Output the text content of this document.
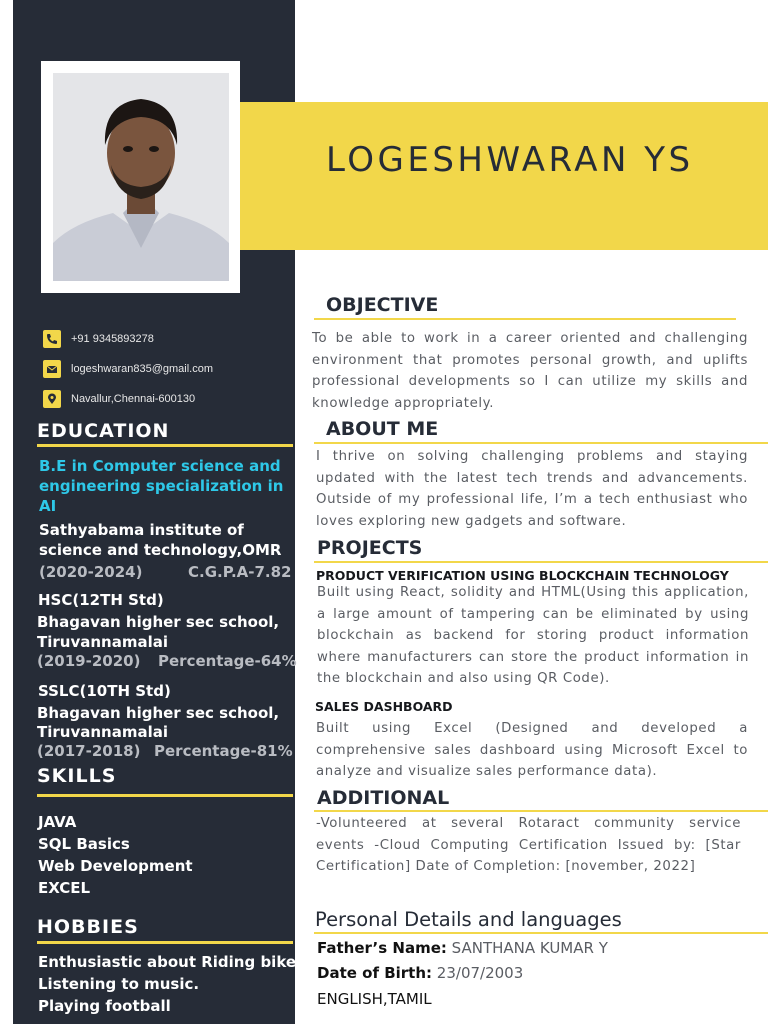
LOGESHWARAN YS
+91 9345893278
logeshwaran835@gmail.com
Navallur,Chennai-600130
EDUCATION
B.E in Computer science and
engineering specialization in
AI
Sathyabama institute of
science and technology,OMR
(2020-2024)	C.G.P.A-7.82
HSC(12TH Std)
Bhagavan higher sec school,
Tiruvannamalai
(2019-2020) Percentage-64%
SSLC(10TH Std)
Bhagavan higher sec school,
Tiruvannamalai
(2017-2018) Percentage-81%
SKILLS
JAVA
SQL Basics
Web Development
EXCEL
HOBBIES
Enthusiastic about Riding bikes.
Listening to music.
Playing football
OBJECTIVE
To be able to work in a career oriented and challenging environment that promotes personal growth, and uplifts professional developments so I can utilize my skills and knowledge appropriately.
ABOUT ME
I thrive on solving challenging problems and staying updated with the latest tech trends and advancements. Outside of my professional life, I’m a tech enthusiast who loves exploring new gadgets and software.
PROJECTS
PRODUCT VERIFICATION USING BLOCKCHAIN TECHNOLOGY
Built using React, solidity and HTML(Using this application, a large amount of tampering can be eliminated by using blockchain as backend for storing product information where manufacturers can store the product information in the blockchain and also using QR Code).
SALES DASHBOARD
Built using Excel (Designed and developed a comprehensive sales dashboard using Microsoft Excel to analyze and visualize sales performance data).
ADDITIONAL
-Volunteered at several Rotaract community service events -Cloud Computing Certification Issued by: [Star Certification] Date of Completion: [november, 2022]
Personal Details and languages
Father’s Name: SANTHANA KUMAR Y
Date of Birth: 23/07/2003
ENGLISH,TAMIL
